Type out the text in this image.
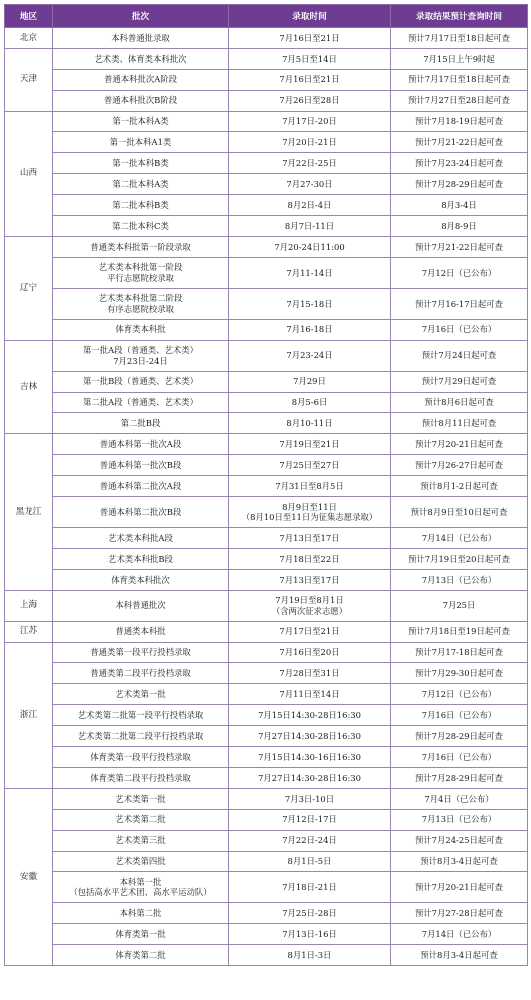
地区	批次	录取时间	录取结果预计查询时间
北京	本科普通批录取	7月16日至21日	预计7月17日至18日起可查

天津	艺术类、体育类本科批次	7月5日至14日	7月15日上午9时起

	普通本科批次A阶段	7月16日至21日	预计7月17日至18日起可查

	普通本科批次B阶段	7月26日至28日	预计7月27日至28日起可查

山西	第一批本科A类	7月17日-20日	预计7月18-19日起可查

	第一批本科A1类	7月20日-21日	预计7月21-22日起可查

	第一批本科B类	7月22日-25日	预计7月23-24日起可查

	第二批本科A类	7月27-30日	预计7月28-29日起可查

	第二批本科B类	8月2日-4日	8月3-4日

	第二批本科C类	8月7日-11日	8月8-9日

辽宁	普通类本科批第一阶段录取	7月20-24日11:00	预计7月21-22日起可查

	艺术类本科批第一阶段
平行志愿院校录取	7月11-14日	7月12日（已公布）

	艺术类本科批第二阶段
有序志愿院校录取	7月15-18日	预计7月16-17日起可查

	体育类本科批	7月16-18日	7月16日（已公布）

吉林	第一批A段（普通类、艺术类）
7月23日-24日	7月23-24日	预计7月24日起可查

	第一批B段（普通类、艺术类）	7月29日	预计7月29日起可查

	第二批A段（普通类、艺术类）	8月5-6日	预计8月6日起可查

	第二批B段	8月10-11日	预计8月11日起可查

黑龙江	普通本科第一批次A段	7月19日至21日	预计7月20-21日起可查

	普通本科第一批次B段	7月25日至27日	预计7月26-27日起可查

	普通本科第二批次A段	7月31日至8月5日	预计8月1-2日起可查

	普通本科第二批次B段	8月9日至11日
（8月10日至11日为征集志愿录取）	预计8月9日至10日起可查

	艺术类本科批A段	7月13日至17日	7月14日（已公布）

	艺术类本科批B段	7月18日至22日	预计7月19日至20日起可查

	体育类本科批次	7月13日至17日	7月13日（已公布）

上海	本科普通批次	7月19日至8月1日
（含两次征求志愿）	7月25日

江苏	普通类本科批	7月17日至21日	预计7月18日至19日起可查

浙江	普通类第一段平行投档录取	7月16日至20日	预计7月17-18日起可查

	普通类第二段平行投档录取	7月28日至31日	预计7月29-30日起可查

	艺术类第一批	7月11日至14日	7月12日（已公布）

	艺术类第二批第一段平行投档录取	7月15日14:30-28日16:30	7月16日（已公布）

	艺术类第二批第二段平行投档录取	7月27日14:30-28日16:30	预计7月28-29日起可查

	体育类第一段平行投档录取	7月15日14:30-16日16:30	7月16日（已公布）

	体育类第二段平行投档录取	7月27日14:30-28日16:30	预计7月28-29日起可查

安徽	艺术类第一批	7月3日-10日	7月4日（已公布）

	艺术类第二批	7月12日-17日	7月13日（已公布）

	艺术类第三批	7月22日-24日	预计7月24-25日起可查

	艺术类第四批	8月1日-5日	预计8月3-4日起可查

	本科第一批
（包括高水平艺术团、高水平运动队）	7月18日-21日	预计7月20-21日起可查

	本科第二批	7月25日-28日	预计7月27-28日起可查

	体育类第一批	7月13日-16日	7月14日（已公布）

	体育类第二批	8月1日-3日	预计8月3-4日起可查
